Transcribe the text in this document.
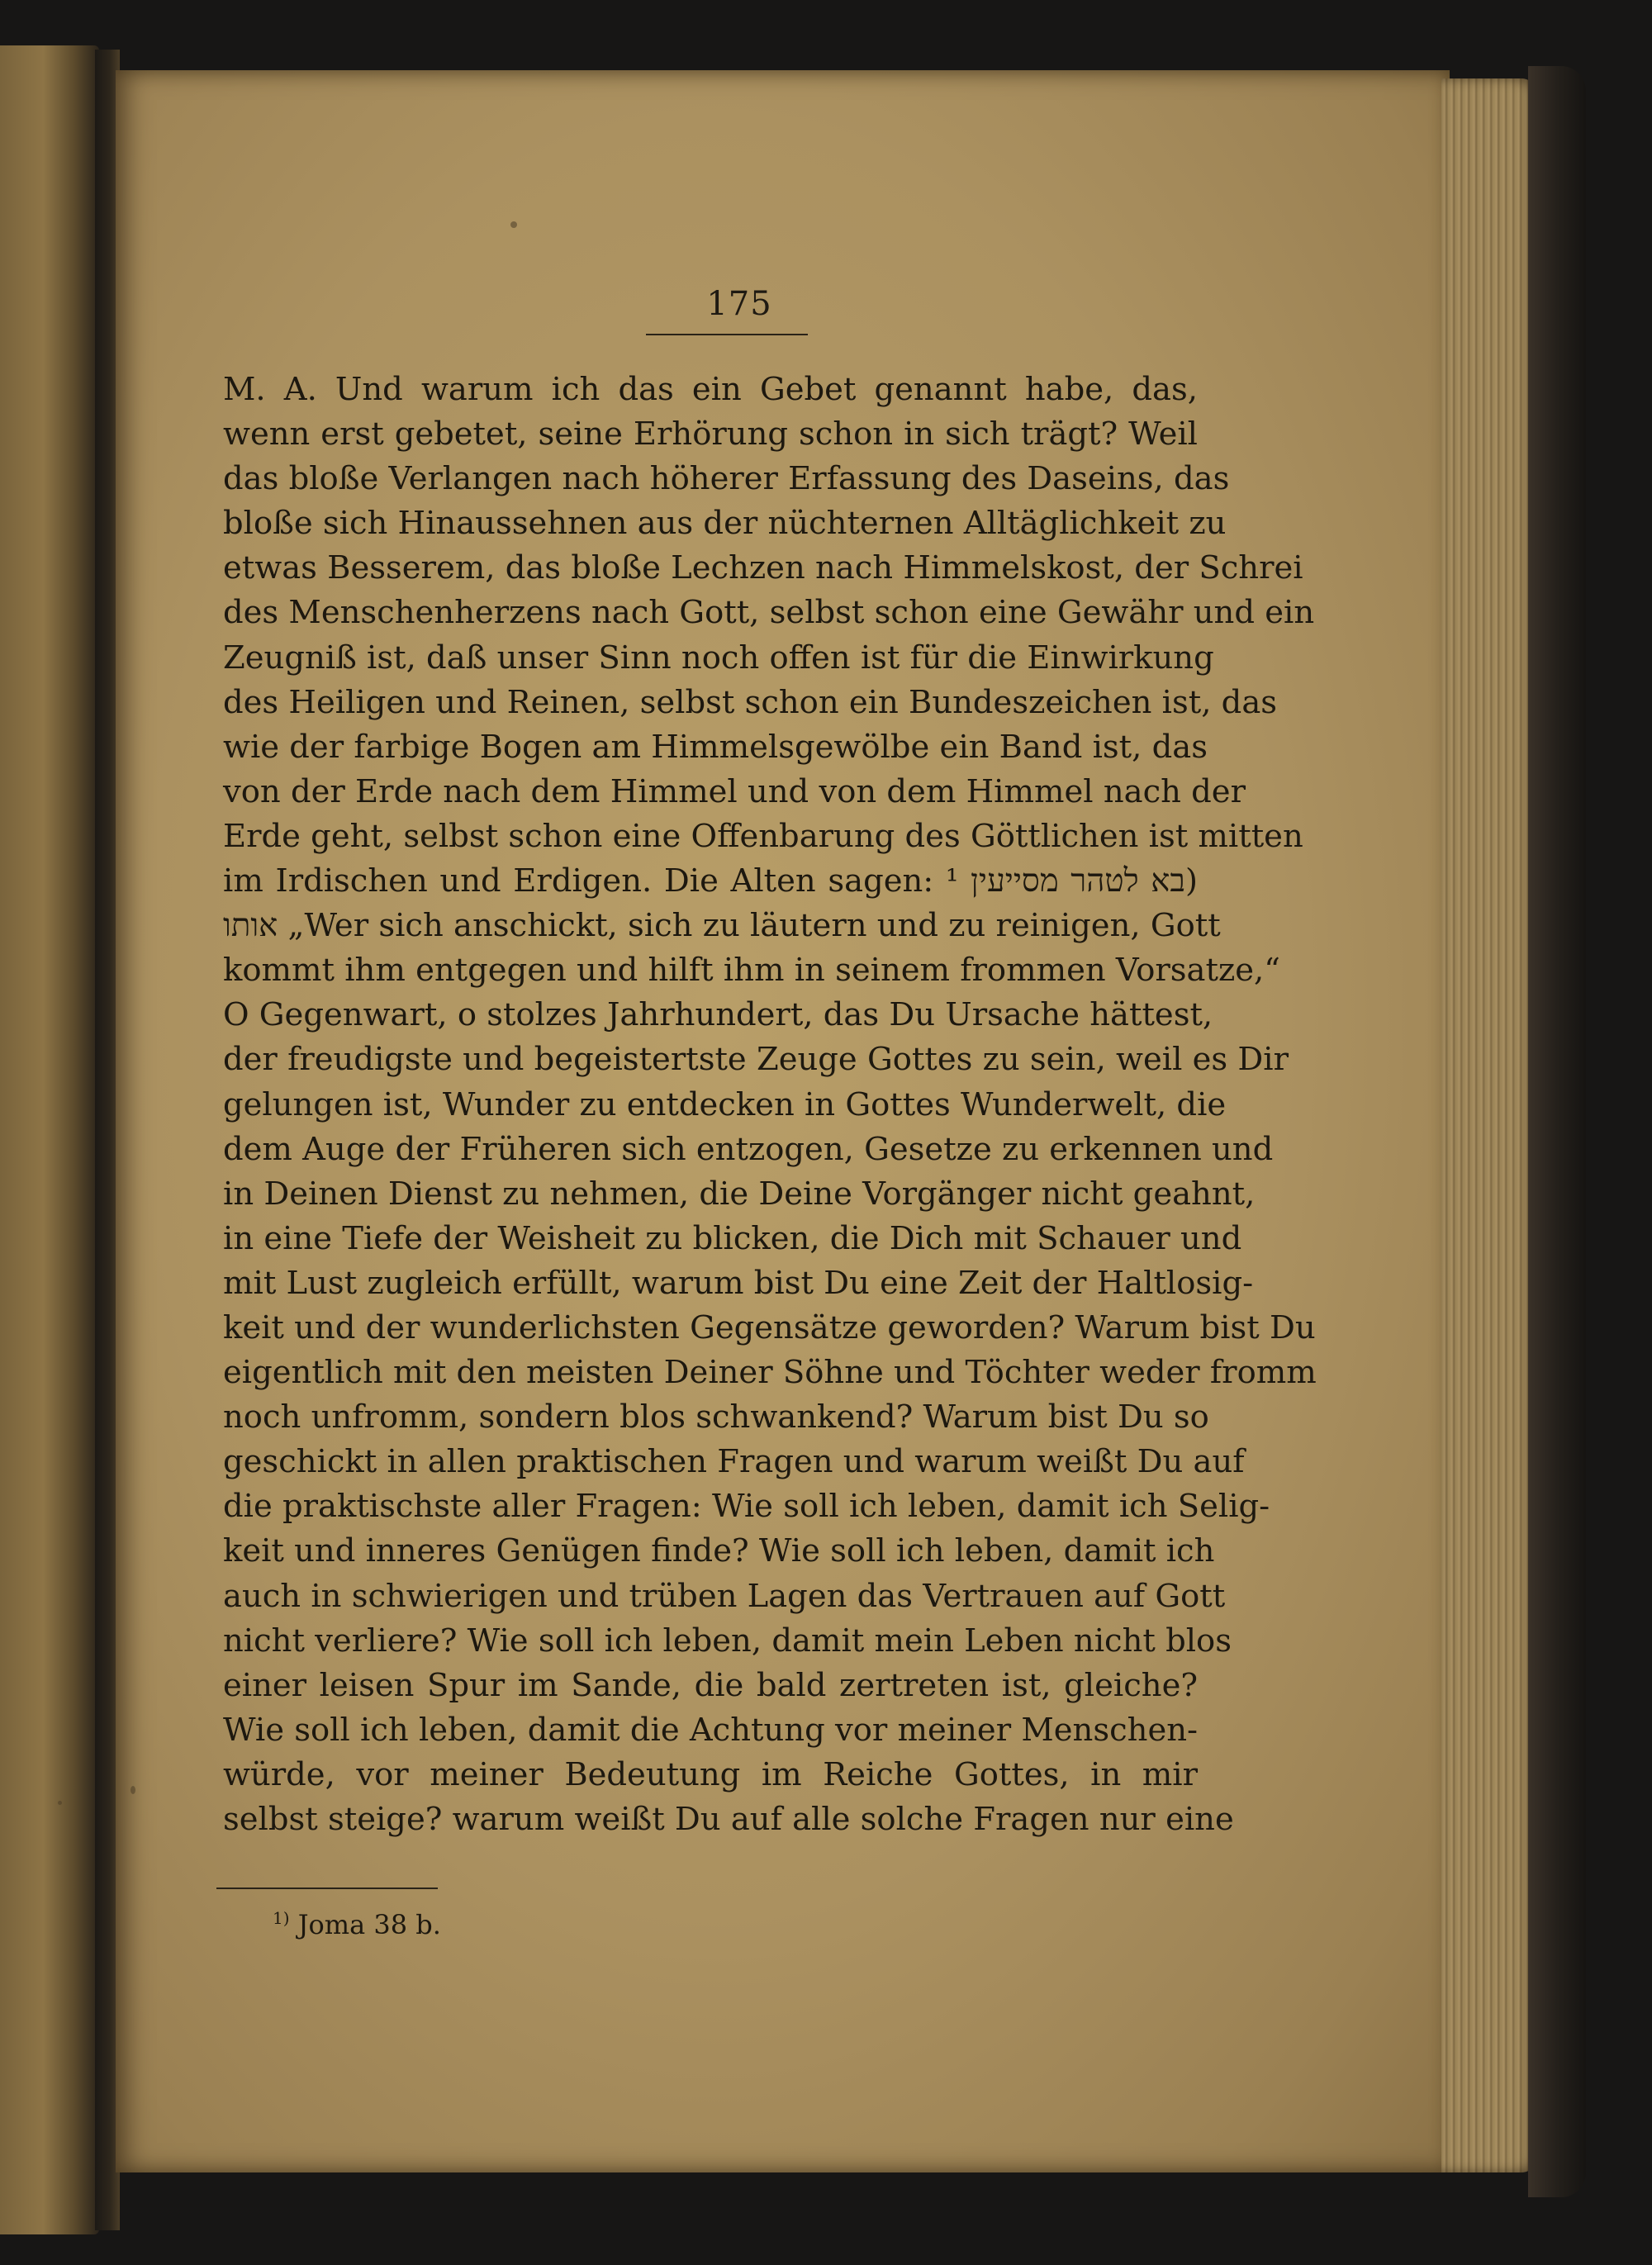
175
M. A. Und warum ich das ein Gebet genannt habe, das,
wenn erst gebetet, seine Erhörung schon in sich trägt? Weil
das bloße Verlangen nach höherer Erfassung des Daseins, das
bloße sich Hinaussehnen aus der nüchternen Alltäglichkeit zu
etwas Besserem, das bloße Lechzen nach Himmelskost, der Schrei
des Menschenherzens nach Gott, selbst schon eine Gewähr und ein
Zeugniß ist, daß unser Sinn noch offen ist für die Einwirkung
des Heiligen und Reinen, selbst schon ein Bundeszeichen ist, das
wie der farbige Bogen am Himmelsgewölbe ein Band ist, das
von der Erde nach dem Himmel und von dem Himmel nach der
Erde geht, selbst schon eine Offenbarung des Göttlichen ist mitten
im Irdischen und Erdigen. Die Alten sagen: בא לטהר מסייעין ¹)
אותו „Wer sich anschickt, sich zu läutern und zu reinigen, Gott
kommt ihm entgegen und hilft ihm in seinem frommen Vorsatze,“
O Gegenwart, o stolzes Jahrhundert, das Du Ursache hättest,
der freudigste und begeistertste Zeuge Gottes zu sein, weil es Dir
gelungen ist, Wunder zu entdecken in Gottes Wunderwelt, die
dem Auge der Früheren sich entzogen, Gesetze zu erkennen und
in Deinen Dienst zu nehmen, die Deine Vorgänger nicht geahnt,
in eine Tiefe der Weisheit zu blicken, die Dich mit Schauer und
mit Lust zugleich erfüllt, warum bist Du eine Zeit der Haltlosig-
keit und der wunderlichsten Gegensätze geworden? Warum bist Du
eigentlich mit den meisten Deiner Söhne und Töchter weder fromm
noch unfromm, sondern blos schwankend? Warum bist Du so
geschickt in allen praktischen Fragen und warum weißt Du auf
die praktischste aller Fragen: Wie soll ich leben, damit ich Selig-
keit und inneres Genügen finde? Wie soll ich leben, damit ich
auch in schwierigen und trüben Lagen das Vertrauen auf Gott
nicht verliere? Wie soll ich leben, damit mein Leben nicht blos
einer leisen Spur im Sande, die bald zertreten ist, gleiche?
Wie soll ich leben, damit die Achtung vor meiner Menschen-
würde, vor meiner Bedeutung im Reiche Gottes, in mir
selbst steige? warum weißt Du auf alle solche Fragen nur eine
$^{1)}$ Joma 38 b.
